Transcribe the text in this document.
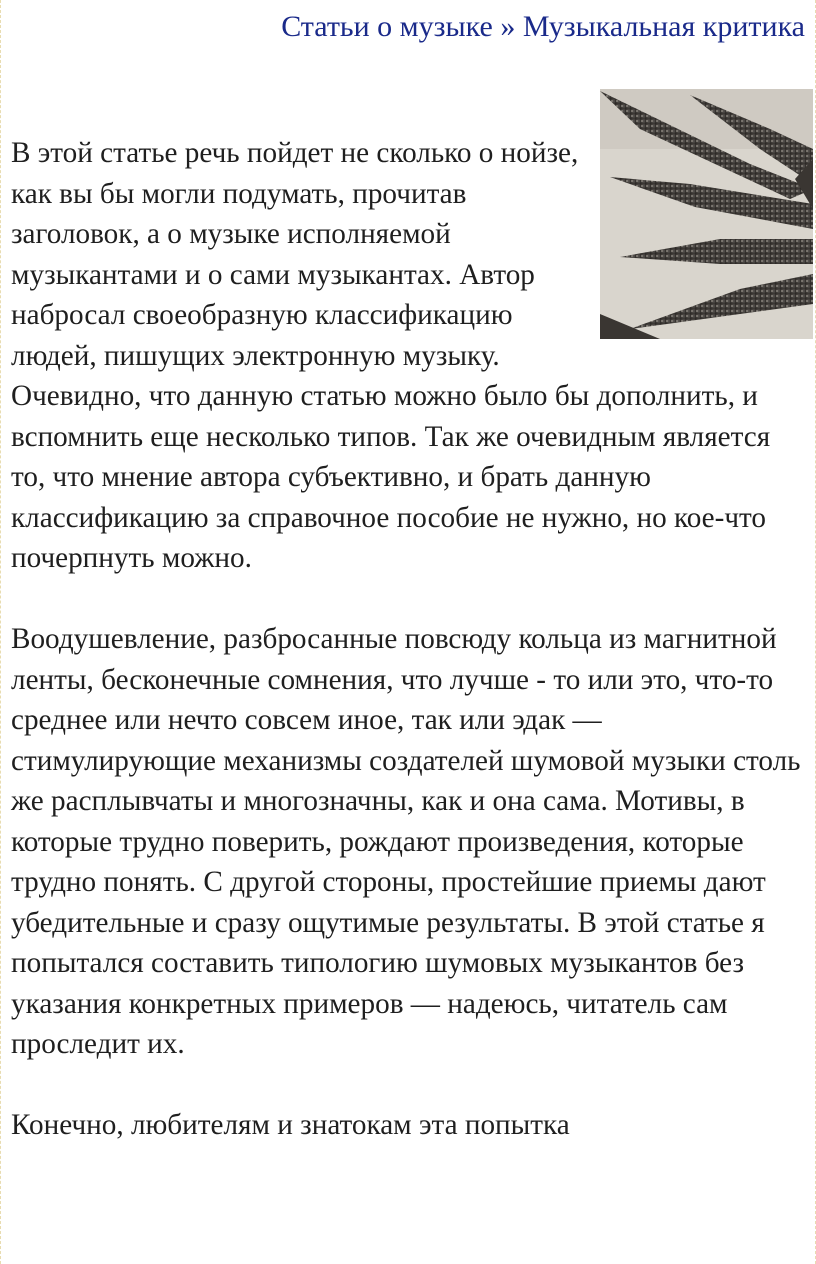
Статьи о музыке » Музыкальная критика

В этой статье речь пойдет не сколько о нойзе, как вы бы могли подумать, прочитав заголовок, а о музыке исполняемой музыкантами и о сами музыкантах. Автор набросал своеобразную классификацию людей, пишущих электронную музыку. Очевидно, что данную статью можно было бы дополнить, и вспомнить еще несколько типов. Так же очевидным является то, что мнение автора субъективно, и брать данную классификацию за справочное пособие не нужно, но кое-что почерпнуть можно.

Воодушевление, разбросанные повсюду кольца из магнитной ленты, бесконечные сомнения, что лучше - то или это, что-то среднее или нечто совсем иное, так или эдак — стимулирующие механизмы создателей шумовой музыки столь же расплывчаты и многозначны, как и она сама. Мотивы, в которые трудно поверить, рождают произведения, которые трудно понять. С другой стороны, простейшие приемы дают убедительные и сразу ощутимые результаты. В этой статье я попытался составить типологию шумовых музыкантов без указания конкретных примеров — надеюсь, читатель сам проследит их.

Конечно, любителям и знатокам эта попытка
